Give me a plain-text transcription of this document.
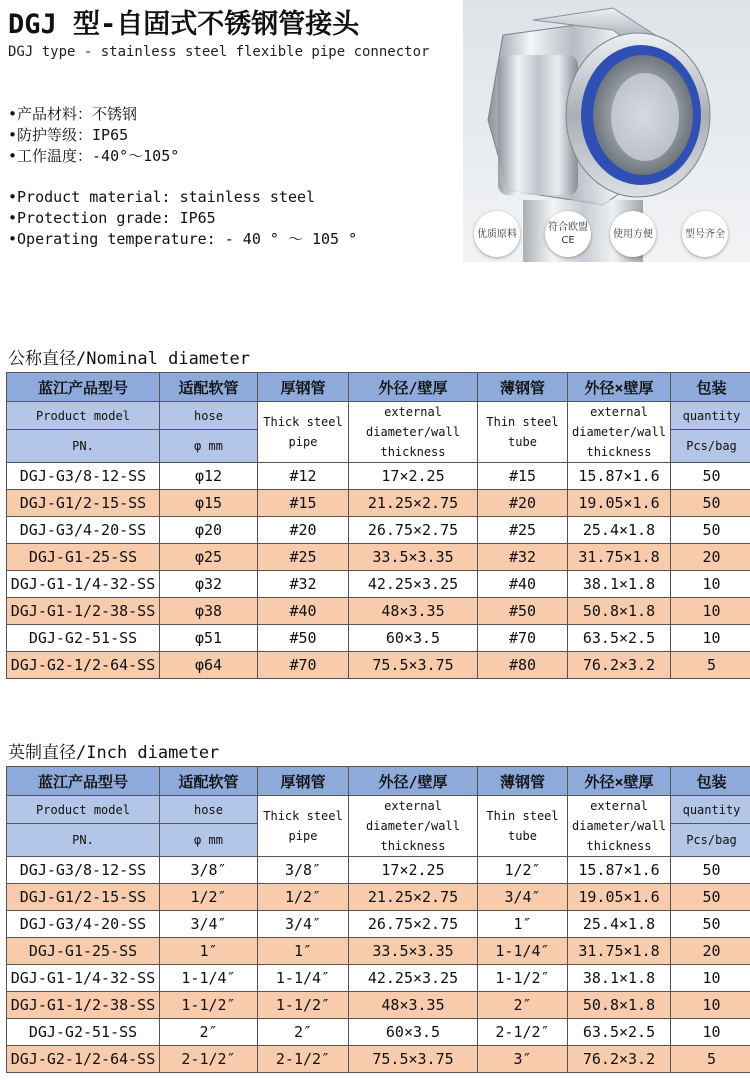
DGJ 型-自固式不锈钢管接头
DGJ type - stainless steel flexible pipe connector
•产品材料：不锈钢
•防护等级：IP65
•工作温度：-40°～105°
•Product material: stainless steel
•Protection grade: IP65
•Operating temperature: - 40 ° ～ 105 °	优质原料
符合欧盟CE
使用方便	型号齐全
公称直径/Nominal diameter
蓝江产品型号	适配软管	厚钢管	外径/壁厚	薄钢管	外径×壁厚	包装
Product model	hose	Thick steel pipe	external diameter/wall thickness	Thin steel tube	external diameter/wall thickness	quantity
PN.	φ mm					Pcs/bag
DGJ-G3/8-12-SS	φ12	#12	17×2.25	#15	15.87×1.6	50
DGJ-G1/2-15-SS	φ15	#15	21.25×2.75	#20	19.05×1.6	50
DGJ-G3/4-20-SS	φ20	#20	26.75×2.75	#25	25.4×1.8	50
DGJ-G1-25-SS	φ25	#25	33.5×3.35	#32	31.75×1.8	20
DGJ-G1-1/4-32-SS	φ32	#32	42.25×3.25	#40	38.1×1.8	10
DGJ-G1-1/2-38-SS	φ38	#40	48×3.35	#50	50.8×1.8	10
DGJ-G2-51-SS	φ51	#50	60×3.5	#70	63.5×2.5	10
DGJ-G2-1/2-64-SS	φ64	#70	75.5×3.75	#80	76.2×3.2	5
英制直径/Inch diameter
蓝江产品型号	适配软管	厚钢管	外径/壁厚	薄钢管	外径×壁厚	包装
Product model	hose	Thick steel pipe	external diameter/wall thickness	Thin steel tube	external diameter/wall thickness	quantity
PN.	φ mm					Pcs/bag
DGJ-G3/8-12-SS	3/8″	3/8″	17×2.25	1/2″	15.87×1.6	50
DGJ-G1/2-15-SS	1/2″	1/2″	21.25×2.75	3/4″	19.05×1.6	50
DGJ-G3/4-20-SS	3/4″	3/4″	26.75×2.75	1″	25.4×1.8	50
DGJ-G1-25-SS	1″	1″	33.5×3.35	1-1/4″	31.75×1.8	20
DGJ-G1-1/4-32-SS	1-1/4″	1-1/4″	42.25×3.25	1-1/2″	38.1×1.8	10
DGJ-G1-1/2-38-SS	1-1/2″	1-1/2″	48×3.35	2″	50.8×1.8	10
DGJ-G2-51-SS	2″	2″	60×3.5	2-1/2″	63.5×2.5	10
DGJ-G2-1/2-64-SS	2-1/2″	2-1/2″	75.5×3.75	3″	76.2×3.2	5
